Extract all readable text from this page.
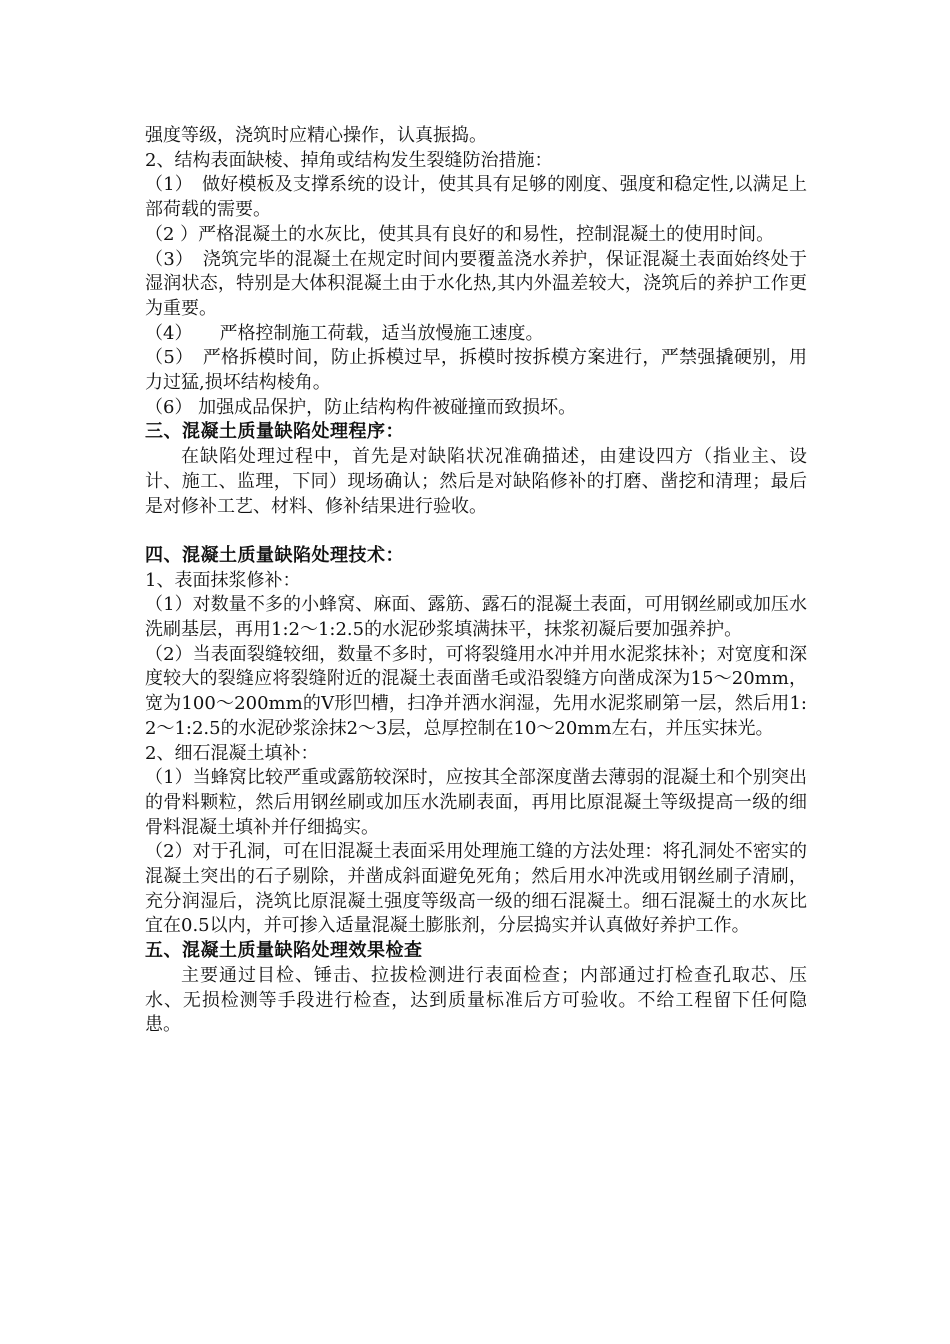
强度等级，浇筑时应精心操作，认真振捣。

2、结构表面缺棱、掉角或结构发生裂缝防治措施：

（1）　做好模板及支撑系统的设计，使其具有足够的刚度、强度和稳定性,以满足上部荷载的需要。

（2 ）严格混凝土的水灰比，使其具有良好的和易性，控制混凝土的使用时间。

（3）　浇筑完毕的混凝土在规定时间内要覆盖浇水养护，保证混凝土表面始终处于湿润状态，特别是大体积混凝土由于水化热,其内外温差较大，浇筑后的养护工作更为重要。

（4）　　严格控制施工荷载，适当放慢施工速度。

（5）　严格拆模时间，防止拆模过早，拆模时按拆模方案进行，严禁强撬硬别，用力过猛,损坏结构棱角。

（6） 加强成品保护，防止结构构件被碰撞而致损坏。

三、混凝土质量缺陷处理程序：

在缺陷处理过程中，首先是对缺陷状况准确描述，由建设四方（指业主、设计、施工、监理，下同）现场确认；然后是对缺陷修补的打磨、凿挖和清理；最后是对修补工艺、材料、修补结果进行验收。

四、混凝土质量缺陷处理技术：

1、表面抹浆修补：

（1）对数量不多的小蜂窝、麻面、露筋、露石的混凝土表面，可用钢丝刷或加压水洗刷基层，再用1:2～1:2.5的水泥砂浆填满抹平，抹浆初凝后要加强养护。

（2）当表面裂缝较细，数量不多时，可将裂缝用水冲并用水泥浆抹补；对宽度和深度较大的裂缝应将裂缝附近的混凝土表面凿毛或沿裂缝方向凿成深为15～20mm，宽为100～200mm的V形凹槽，扫净并洒水润湿，先用水泥浆刷第一层，然后用1:2～1:2.5的水泥砂浆涂抹2～3层，总厚控制在10～20mm左右，并压实抹光。

2、细石混凝土填补：

（1）当蜂窝比较严重或露筋较深时，应按其全部深度凿去薄弱的混凝土和个别突出的骨料颗粒，然后用钢丝刷或加压水洗刷表面，再用比原混凝土等级提高一级的细骨料混凝土填补并仔细捣实。

（2）对于孔洞，可在旧混凝土表面采用处理施工缝的方法处理：将孔洞处不密实的混凝土突出的石子剔除，并凿成斜面避免死角；然后用水冲洗或用钢丝刷子清刷，充分润湿后，浇筑比原混凝土强度等级高一级的细石混凝土。细石混凝土的水灰比宜在0.5以内，并可掺入适量混凝土膨胀剂，分层捣实并认真做好养护工作。

五、混凝土质量缺陷处理效果检查

主要通过目检、锤击、拉拔检测进行表面检查；内部通过打检查孔取芯、压水、无损检测等手段进行检查，达到质量标准后方可验收。不给工程留下任何隐患。
